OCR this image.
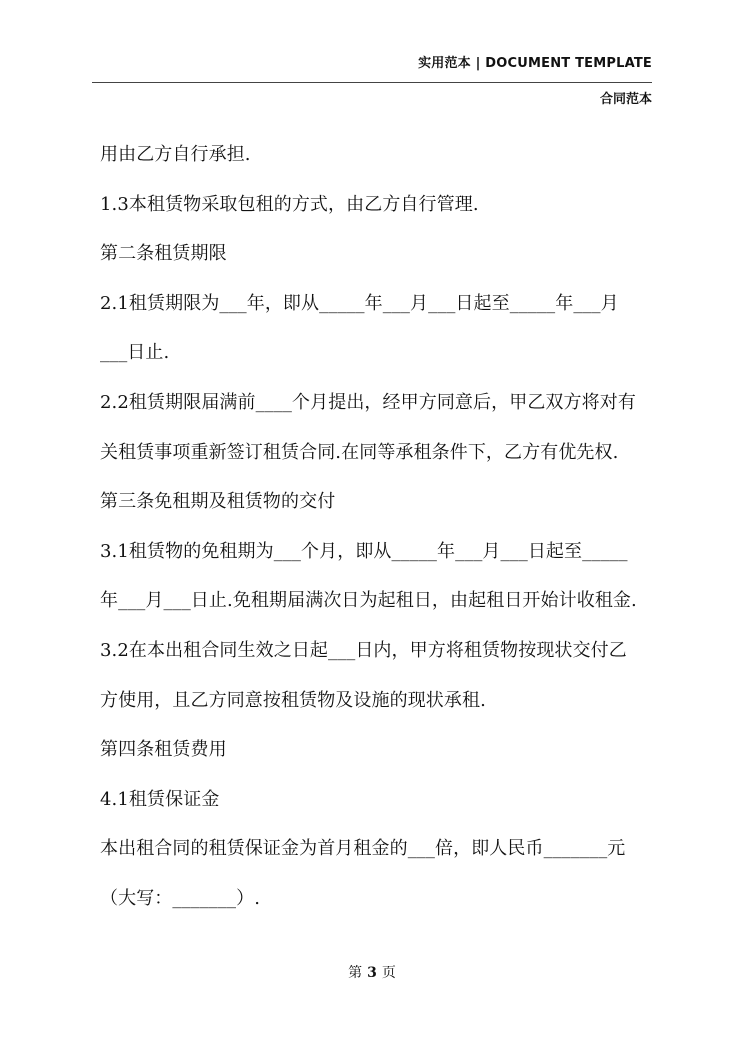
实用范本 | DOCUMENT TEMPLATE
合同范本
用由乙方自行承担.
1.3本租赁物采取包租的方式，由乙方自行管理.
第二条租赁期限
2.1租赁期限为___年，即从_____年___月___日起至_____年___月
___日止.
2.2租赁期限届满前____个月提出，经甲方同意后，甲乙双方将对有
关租赁事项重新签订租赁合同.在同等承租条件下，乙方有优先权.
第三条免租期及租赁物的交付
3.1租赁物的免租期为___个月，即从_____年___月___日起至_____
年___月___日止.免租期届满次日为起租日，由起租日开始计收租金.
3.2在本出租合同生效之日起___日内，甲方将租赁物按现状交付乙
方使用，且乙方同意按租赁物及设施的现状承租.
第四条租赁费用
4.1租赁保证金
本出租合同的租赁保证金为首月租金的___倍，即人民币_______元
（大写：_______）.
第 3 页
